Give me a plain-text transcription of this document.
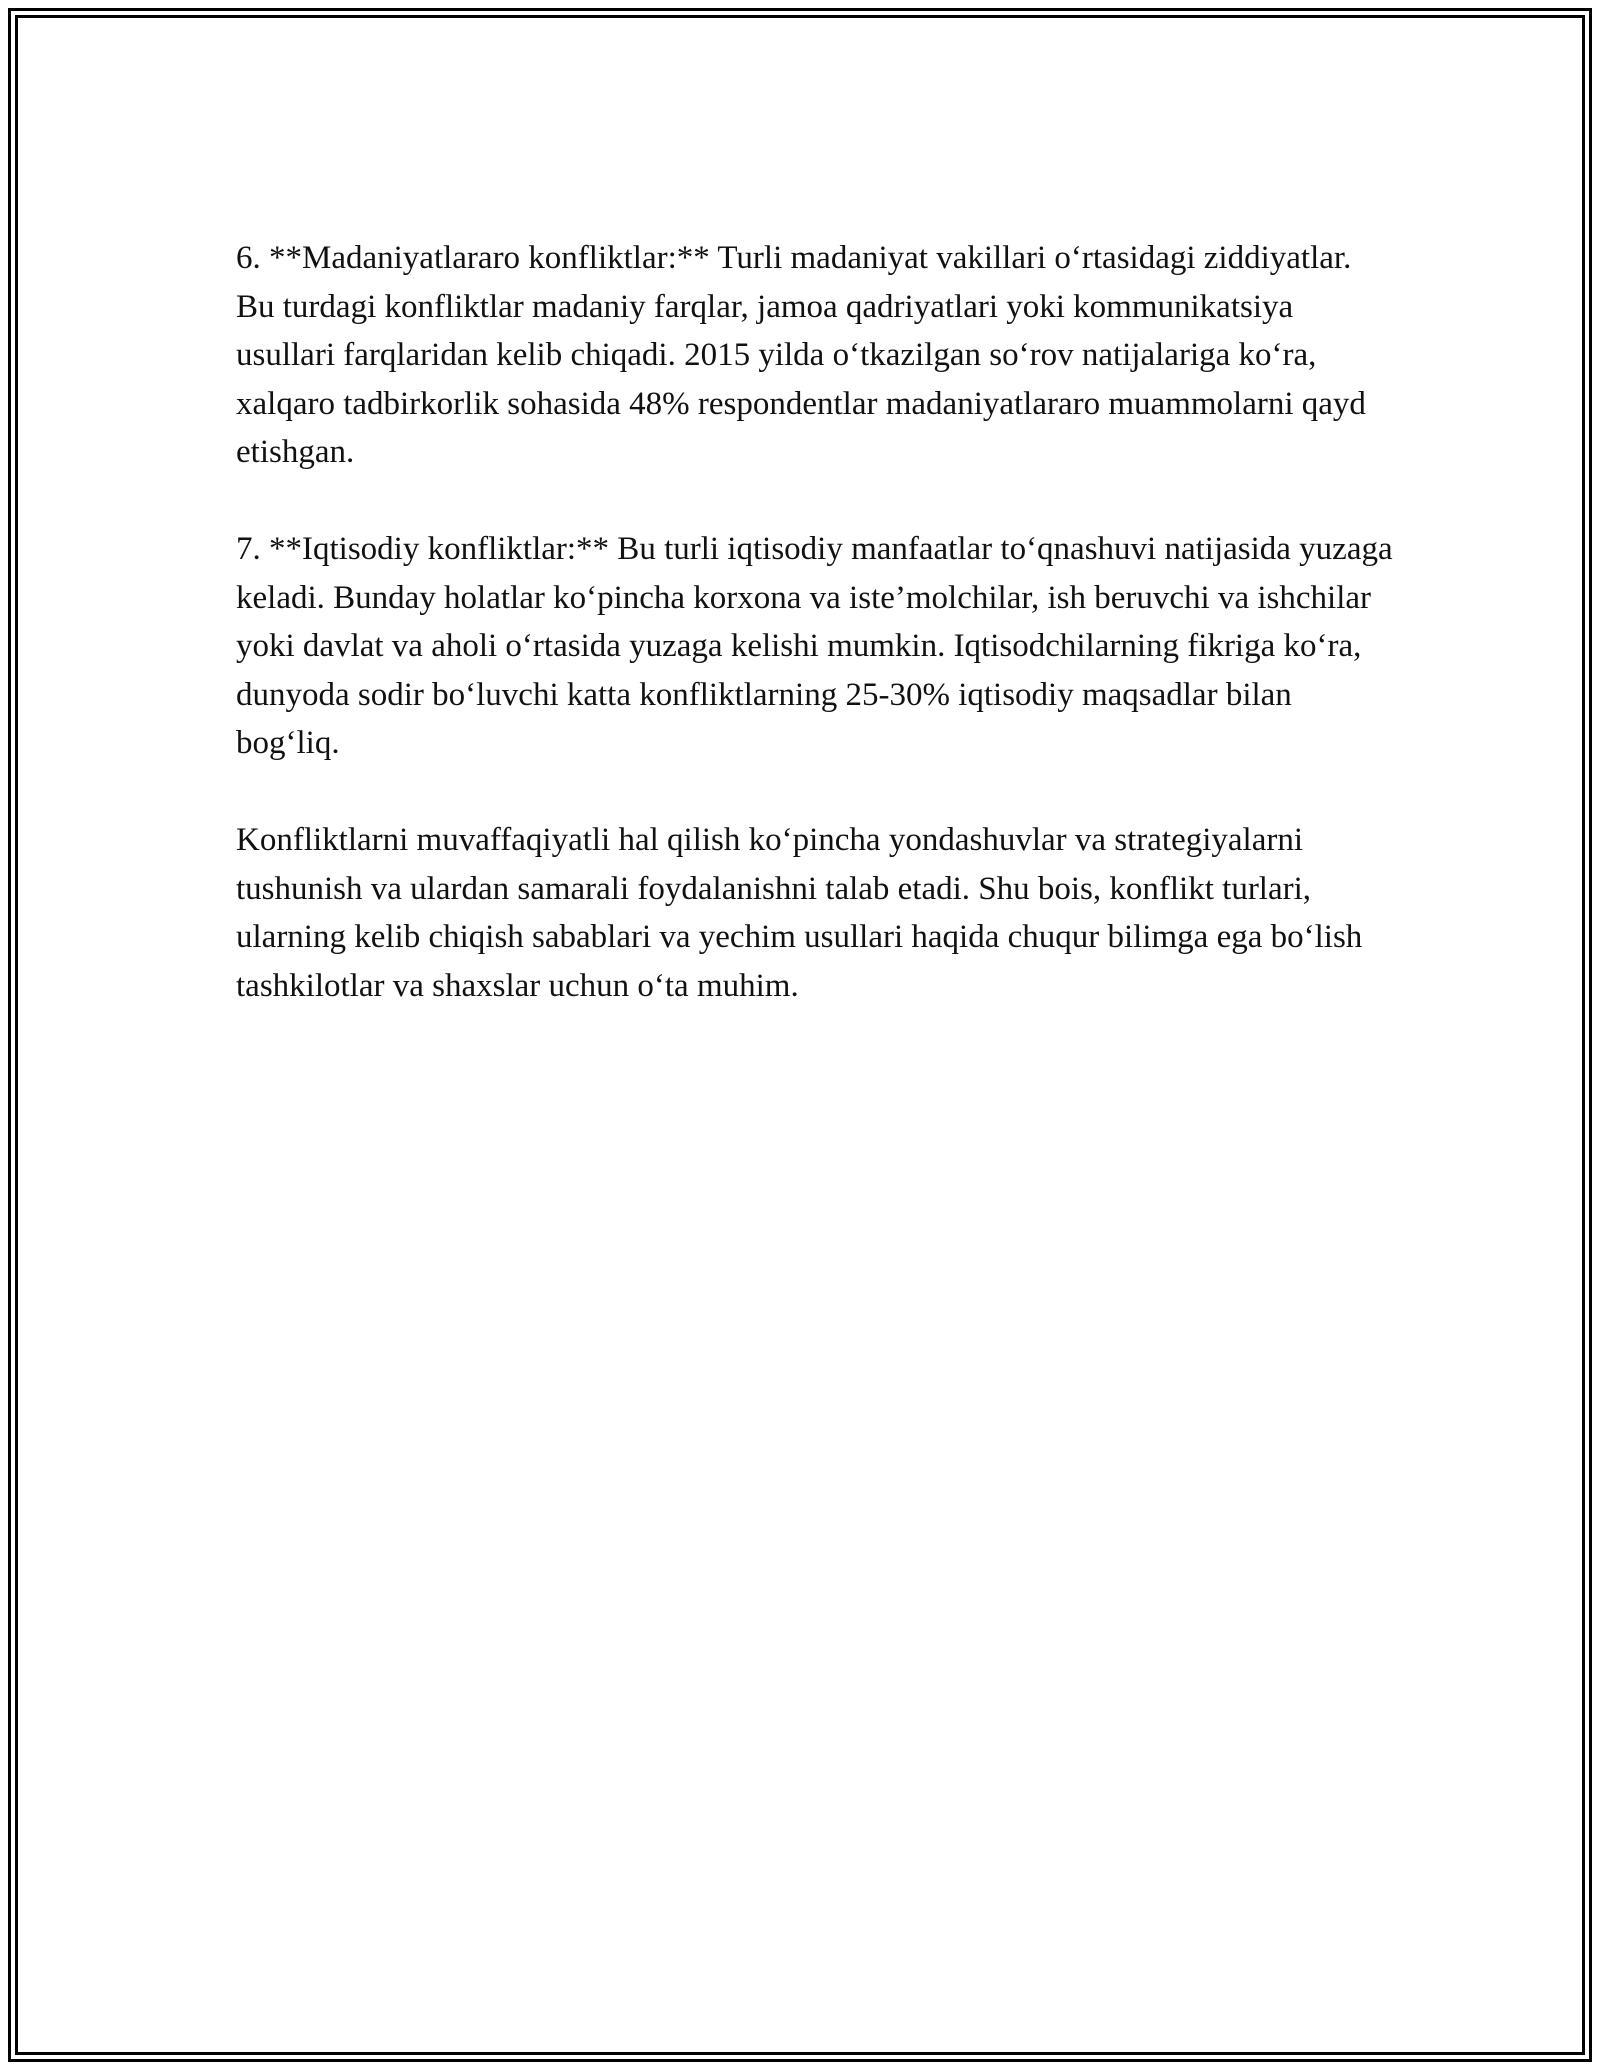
6. **Madaniyatlararo konfliktlar:** Turli madaniyat vakillari o‘rtasidagi ziddiyatlar. Bu turdagi konfliktlar madaniy farqlar, jamoa qadriyatlari yoki kommunikatsiya usullari farqlaridan kelib chiqadi. 2015 yilda o‘tkazilgan so‘rov natijalariga ko‘ra, xalqaro tadbirkorlik sohasida 48% respondentlar madaniyatlararo muammolarni qayd etishgan.

7. **Iqtisodiy konfliktlar:** Bu turli iqtisodiy manfaatlar to‘qnashuvi natijasida yuzaga keladi. Bunday holatlar ko‘pincha korxona va iste’molchilar, ish beruvchi va ishchilar yoki davlat va aholi o‘rtasida yuzaga kelishi mumkin. Iqtisodchilarning fikriga ko‘ra, dunyoda sodir bo‘luvchi katta konfliktlarning 25-30% iqtisodiy maqsadlar bilan bog‘liq.

Konfliktlarni muvaffaqiyatli hal qilish ko‘pincha yondashuvlar va strategiyalarni tushunish va ulardan samarali foydalanishni talab etadi. Shu bois, konflikt turlari, ularning kelib chiqish sabablari va yechim usullari haqida chuqur bilimga ega bo‘lish tashkilotlar va shaxslar uchun o‘ta muhim.
